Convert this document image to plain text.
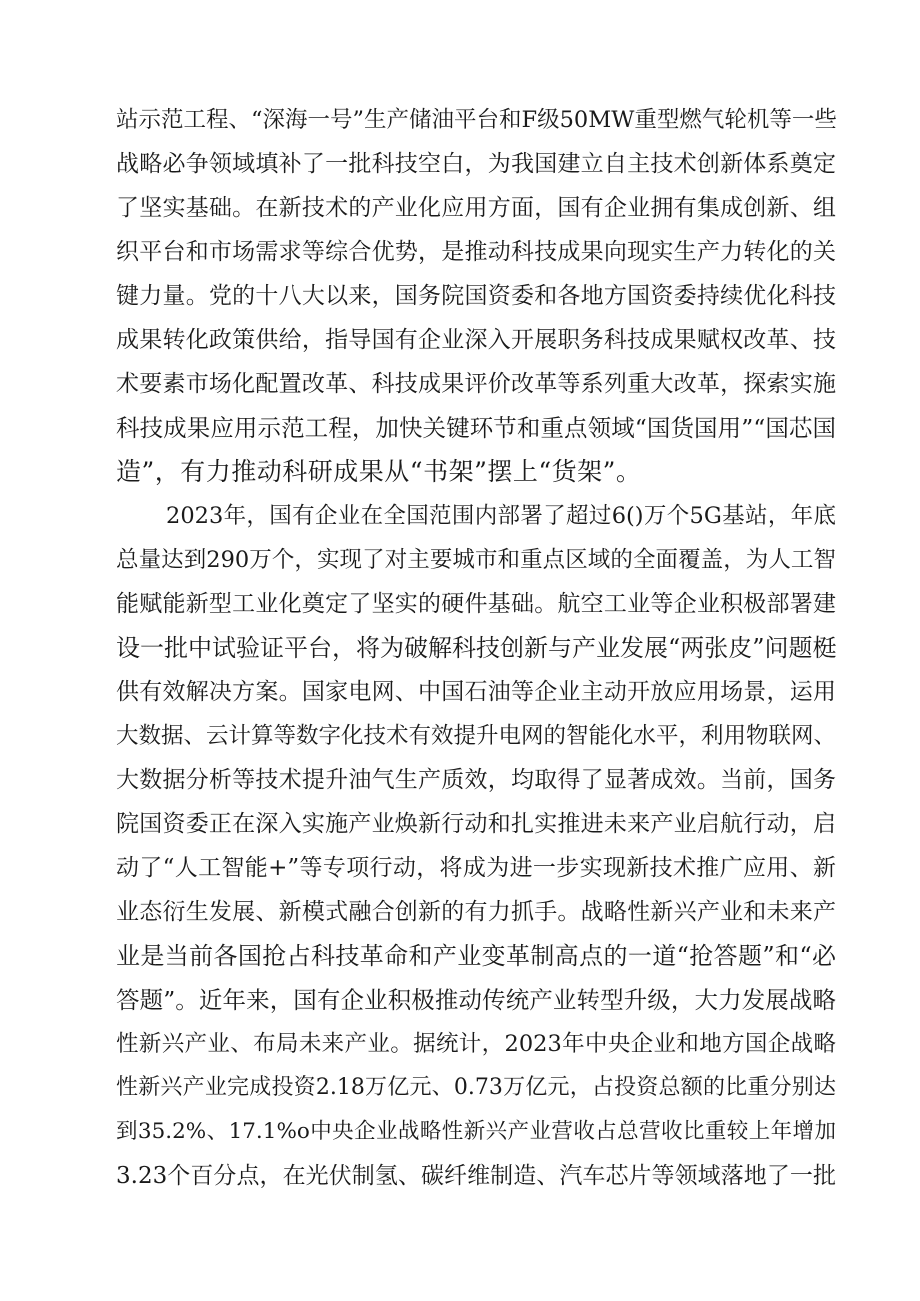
站示范工程、“深海一号”生产储油平台和F级50MW重型燃气轮机等一些
战略必争领域填补了一批科技空白，为我国建立自主技术创新体系奠定
了坚实基础。在新技术的产业化应用方面，国有企业拥有集成创新、组
织平台和市场需求等综合优势，是推动科技成果向现实生产力转化的关
键力量。党的十八大以来，国务院国资委和各地方国资委持续优化科技
成果转化政策供给，指导国有企业深入开展职务科技成果赋权改革、技
术要素市场化配置改革、科技成果评价改革等系列重大改革，探索实施
科技成果应用示范工程，加快关键环节和重点领域“国货国用”“国芯国
造”，有力推动科研成果从“书架”摆上“货架”。
2023年，国有企业在全国范围内部署了超过6()万个5G基站，年底
总量达到290万个，实现了对主要城市和重点区域的全面覆盖，为人工智
能赋能新型工业化奠定了坚实的硬件基础。航空工业等企业积极部署建
设一批中试验证平台，将为破解科技创新与产业发展“两张皮”问题梃
供有效解决方案。国家电网、中国石油等企业主动开放应用场景，运用
大数据、云计算等数字化技术有效提升电网的智能化水平，利用物联网、
大数据分析等技术提升油气生产质效，均取得了显著成效。当前，国务
院国资委正在深入实施产业焕新行动和扎实推进未来产业启航行动，启
动了“人工智能+”等专项行动，将成为进一步实现新技术推广应用、新
业态衍生发展、新模式融合创新的有力抓手。战略性新兴产业和未来产
业是当前各国抢占科技革命和产业变革制高点的一道“抢答题”和“必
答题”。近年来，国有企业积极推动传统产业转型升级，大力发展战略
性新兴产业、布局未来产业。据统计，2023年中央企业和地方国企战略
性新兴产业完成投资2.18万亿元、0.73万亿元，占投资总额的比重分别达
到35.2%、17.1%o中央企业战略性新兴产业营收占总营收比重较上年增加
3.23个百分点，在光伏制氢、碳纤维制造、汽车芯片等领域落地了一批
